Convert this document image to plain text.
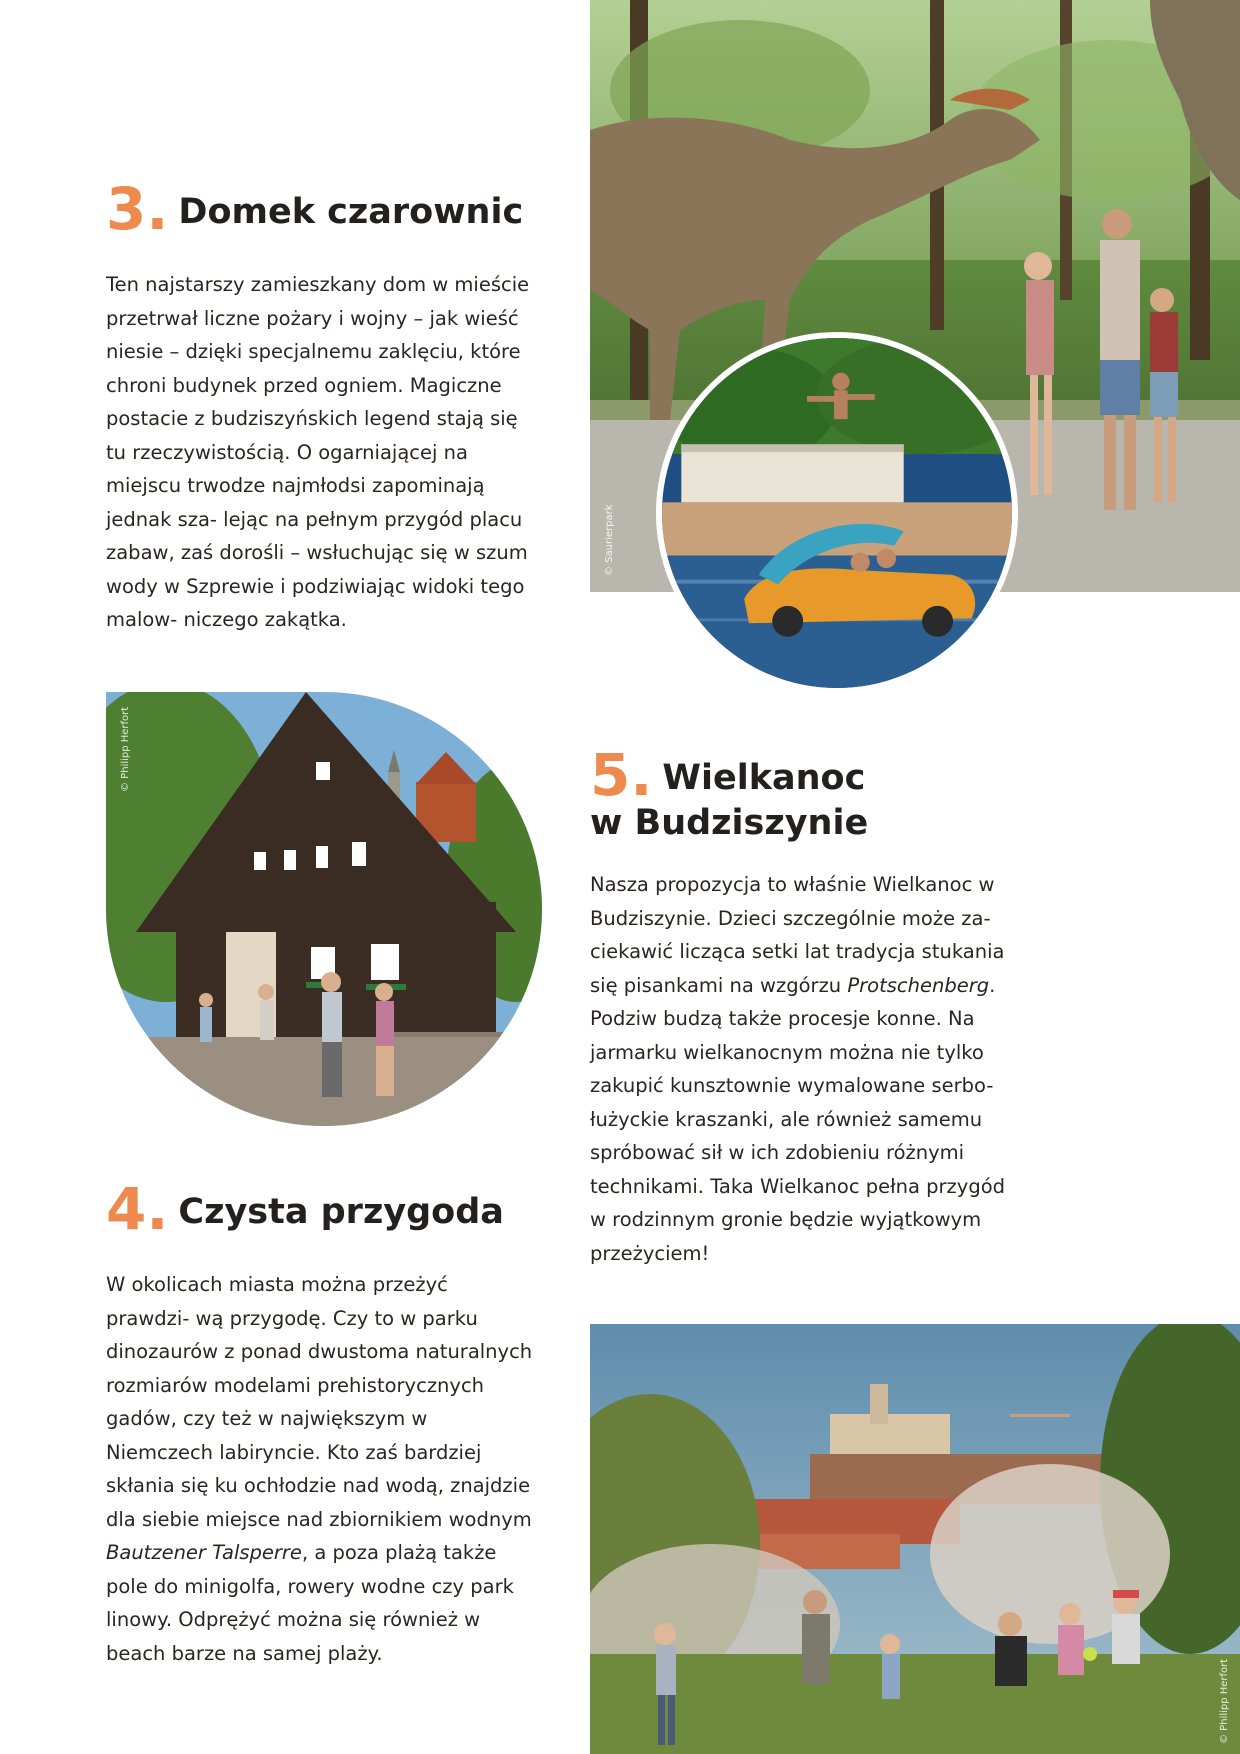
© Saurierpark
© Philipp Herfort
3. Domek czarownic

Ten najstarszy zamieszkany dom w mieście przetrwał liczne pożary i wojny – jak wieść niesie – dzięki specjalnemu zaklęciu, które chroni budynek przed ogniem. Magiczne postacie z budziszyńskich legend stają się tu rzeczywistością. O ogarniającej na miejscu trwodze najmłodsi zapominają jednak sza- lejąc na pełnym przygód placu zabaw, zaś dorośli – wsłuchując się w szum wody w Szprewie i podziwiając widoki tego malow- niczego zakątka.

© Philipp Herfort
4. Czysta przygoda

W okolicach miasta można przeżyć prawdzi- wą przygodę. Czy to w parku dinozaurów z ponad dwustoma naturalnych rozmiarów modelami prehistorycznych gadów, czy też w największym w Niemczech labiryncie. Kto zaś bardziej skłania się ku ochłodzie nad wodą, znajdzie dla siebie miejsce nad zbiornikiem wodnym Bautzener Talsperre, a poza plażą także pole do minigolfa, rowery wodne czy park linowy. Odprężyć można się również w beach barze na samej plaży.

5. Wielkanoc
w Budziszynie

Nasza propozycja to właśnie Wielkanoc w Budziszynie. Dzieci szczególnie może za- ciekawić licząca setki lat tradycja stukania się pisankami na wzgórzu Protschenberg. Podziw budzą także procesje konne. Na jarmarku wielkanocnym można nie tylko zakupić kunsztownie wymalowane serbo- łużyckie kraszanki, ale również samemu spróbować sił w ich zdobieniu różnymi technikami. Taka Wielkanoc pełna przygód w rodzinnym gronie będzie wyjątkowym przeżyciem!

© Philipp Herfort
